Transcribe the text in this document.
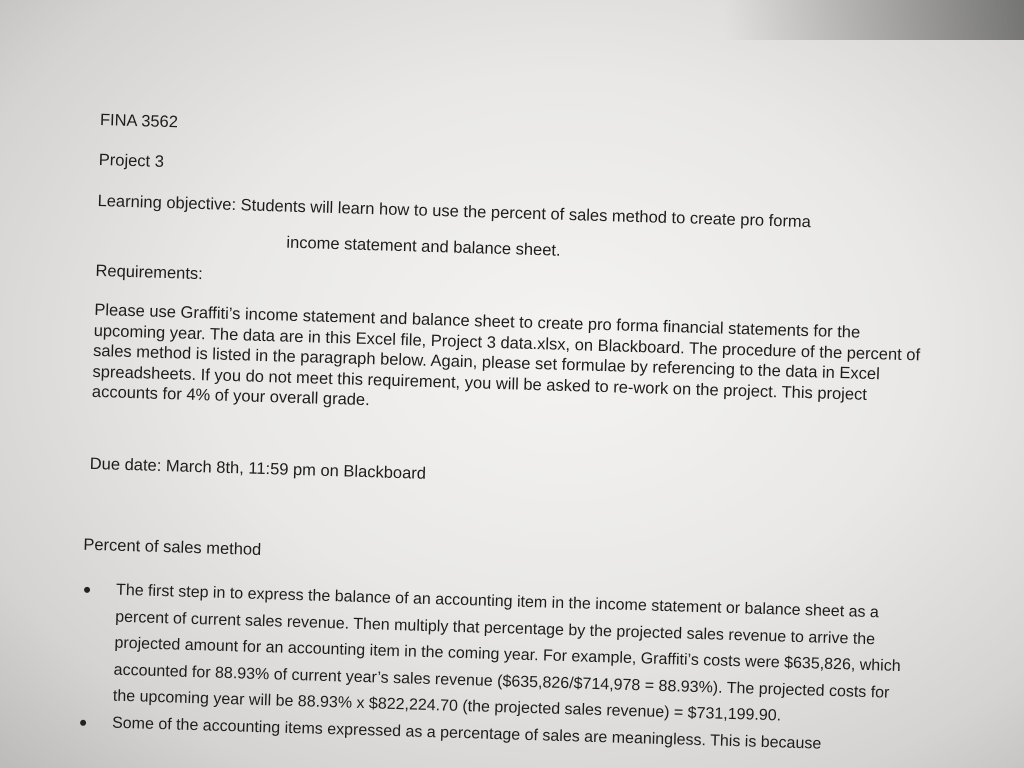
FINA 3562
Project 3
Learning objective: Students will learn how to use the percent of sales method to create pro forma
income statement and balance sheet.
Requirements:
Please use Graffiti’s income statement and balance sheet to create pro forma financial statements for the upcoming year. The data are in this Excel file, Project 3 data.xlsx, on Blackboard. The procedure of the percent of sales method is listed in the paragraph below. Again, please set formulae by referencing to the data in Excel spreadsheets. If you do not meet this requirement, you will be asked to re-work on the project. This project accounts for 4% of your overall grade.
Due date: March 8th, 11:59 pm on Blackboard
Percent of sales method
The first step in to express the balance of an accounting item in the income statement or balance sheet as a percent of current sales revenue. Then multiply that percentage by the projected sales revenue to arrive the projected amount for an accounting item in the coming year. For example, Graffiti’s costs were $635,826, which accounted for 88.93% of current year’s sales revenue ($635,826/$714,978 = 88.93%). The projected costs for the upcoming year will be 88.93% x $822,224.70 (the projected sales revenue) = $731,199.90.
Some of the accounting items expressed as a percentage of sales are meaningless. This is because
